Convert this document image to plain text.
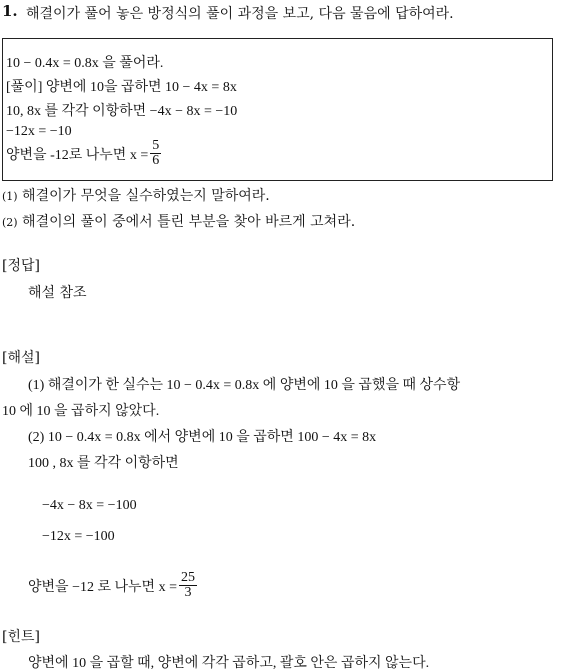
1. 해결이가 풀어 놓은 방정식의 풀이 과정을 보고, 다음 물음에 답하여라.
10 − 0.4x = 0.8x 을 풀어라.
[풀이] 양변에 10을 곱하면 10 − 4x = 8x
10, 8x 를 각각 이항하면 −4x − 8x = −10
−12x = −10
양변을 -12로 나누면 $x = \frac{5}{6}$
(1) 해결이가 무엇을 실수하였는지 말하여라.
(2) 해결이의 풀이 중에서 틀린 부분을 찾아 바르게 고쳐라.
[정답]
해설 참조
[해설]
(1) 해결이가 한 실수는 10 − 0.4x = 0.8x 에 양변에 10 을 곱했을 때 상수항
10 에 10 을 곱하지 않았다.
(2) 10 − 0.4x = 0.8x 에서 양변에 10 을 곱하면 100 − 4x = 8x
100 , 8x 를 각각 이항하면
−4x − 8x = −100
−12x = −100
양변을 −12 로 나누면 $x = \frac{25}{3}$
[힌트]
양변에 10 을 곱할 때, 양변에 각각 곱하고, 괄호 안은 곱하지 않는다.
